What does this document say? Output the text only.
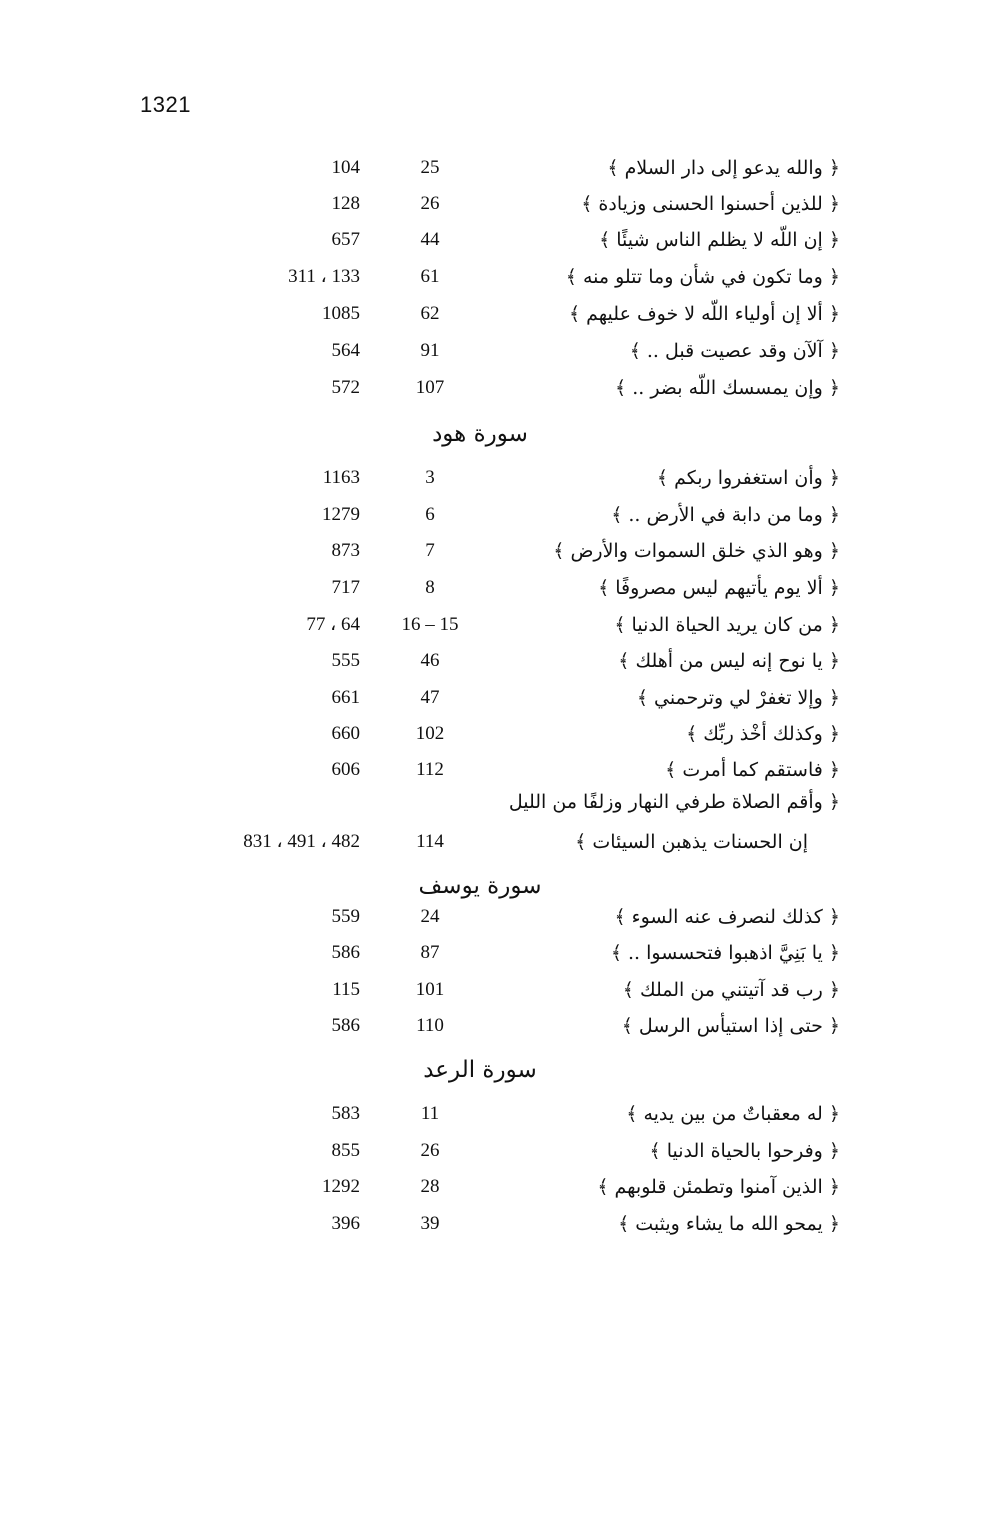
1321
﴿ والله يدعو إلى دار السلام ﴾
25
104
﴿ للذين أحسنوا الحسنى وزيادة ﴾
26
128
﴿ إن اللّه لا يظلم الناس شيئًا ﴾
44
657
﴿ وما تكون في شأن وما تتلو منه ﴾
61
311 ، 133
﴿ ألا إن أولياء اللّه لا خوف عليهم ﴾
62
1085
﴿ آلآن وقد عصيت قبل .. ﴾
91
564
﴿ وإن يمسسك اللّه بضر .. ﴾
107
572
سورة هود
﴿ وأن استغفروا ربكم ﴾
3
1163
﴿ وما من دابة في الأرض .. ﴾
6
1279
﴿ وهو الذي خلق السموات والأرض ﴾
7
873
﴿ ألا يوم يأتيهم ليس مصروفًا ﴾
8
717
﴿ من كان يريد الحياة الدنيا ﴾
16 – 15
77 ، 64
﴿ يا نوح إنه ليس من أهلك ﴾
46
555
﴿ وإلا تغفرْ لي وترحمني ﴾
47
661
﴿ وكذلك أخْذ ربِّك ﴾
102
660
﴿ فاستقم كما أمرت ﴾
112
606
﴿ وأقم الصلاة طرفي النهار وزلفًا من الليل
إن الحسنات يذهبن السيئات ﴾
114
831 ، 491 ، 482
سورة يوسف
﴿ كذلك لنصرف عنه السوء ﴾
24
559
﴿ يا بَنِيَّ اذهبوا فتحسسوا .. ﴾
87
586
﴿ رب قد آتيتني من الملك ﴾
101
115
﴿ حتى إذا استيأس الرسل ﴾
110
586
سورة الرعد
﴿ له معقباتٌ من بين يديه ﴾
11
583
﴿ وفرحوا بالحياة الدنيا ﴾
26
855
﴿ الذين آمنوا وتطمئن قلوبهم ﴾
28
1292
﴿ يمحو الله ما يشاء ويثبت ﴾
39
396
